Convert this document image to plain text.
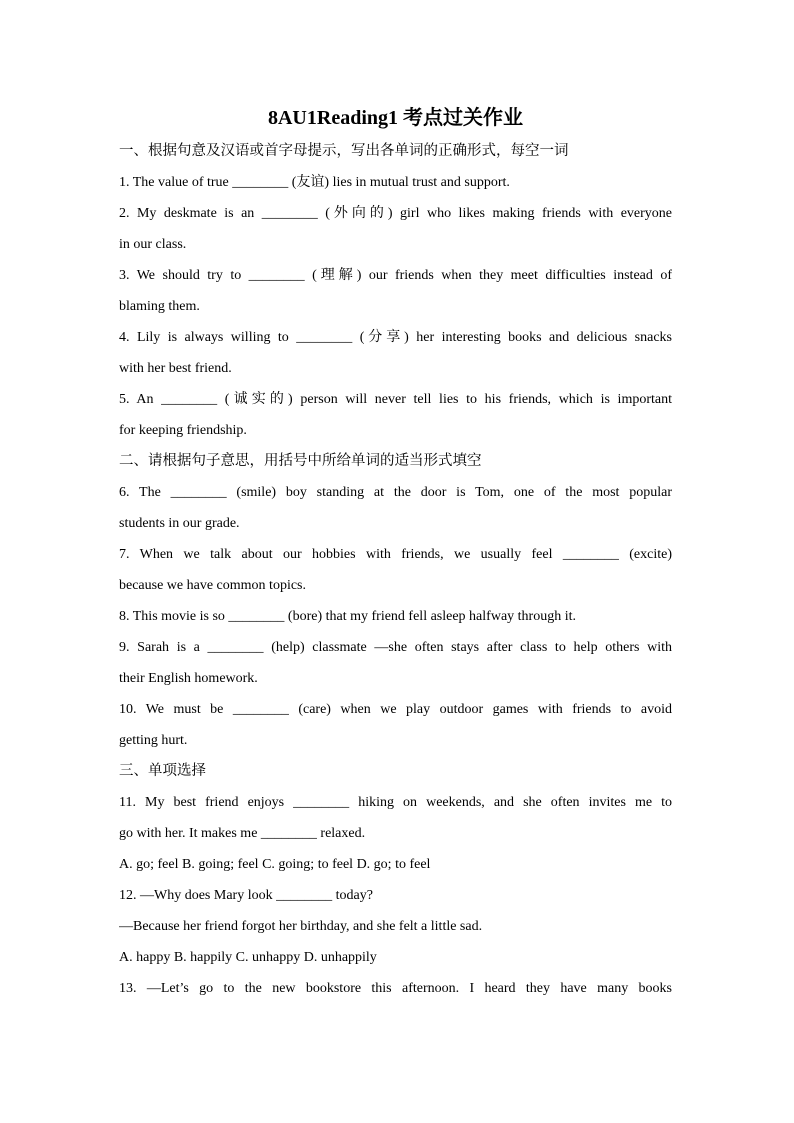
8AU1Reading1 考点过关作业

一、根据句意及汉语或首字母提示，写出各单词的正确形式，每空一词

1. The value of true ________ (友谊) lies in mutual trust and support.

2. My deskmate is an ________ (外向的) girl who likes making friends with everyone

in our class.

3. We should try to ________ (理解) our friends when they meet difficulties instead of

blaming them.

4. Lily is always willing to ________ (分享) her interesting books and delicious snacks

with her best friend.

5. An ________ (诚实的) person will never tell lies to his friends, which is important

for keeping friendship.

二、请根据句子意思，用括号中所给单词的适当形式填空

6. The ________ (smile) boy standing at the door is Tom, one of the most popular

students in our grade.

7. When we talk about our hobbies with friends, we usually feel ________ (excite)

because we have common topics.

8. This movie is so ________ (bore) that my friend fell asleep halfway through it.

9. Sarah is a ________ (help) classmate —she often stays after class to help others with

their English homework.

10. We must be ________ (care) when we play outdoor games with friends to avoid

getting hurt.

三、单项选择

11. My best friend enjoys ________ hiking on weekends, and she often invites me to

go with her. It makes me ________ relaxed.

A. go; feel B. going; feel C. going; to feel D. go; to feel

12. —Why does Mary look ________ today?

—Because her friend forgot her birthday, and she felt a little sad.

A. happy B. happily C. unhappy D. unhappily

13. —Let’s go to the new bookstore this afternoon. I heard they have many books
